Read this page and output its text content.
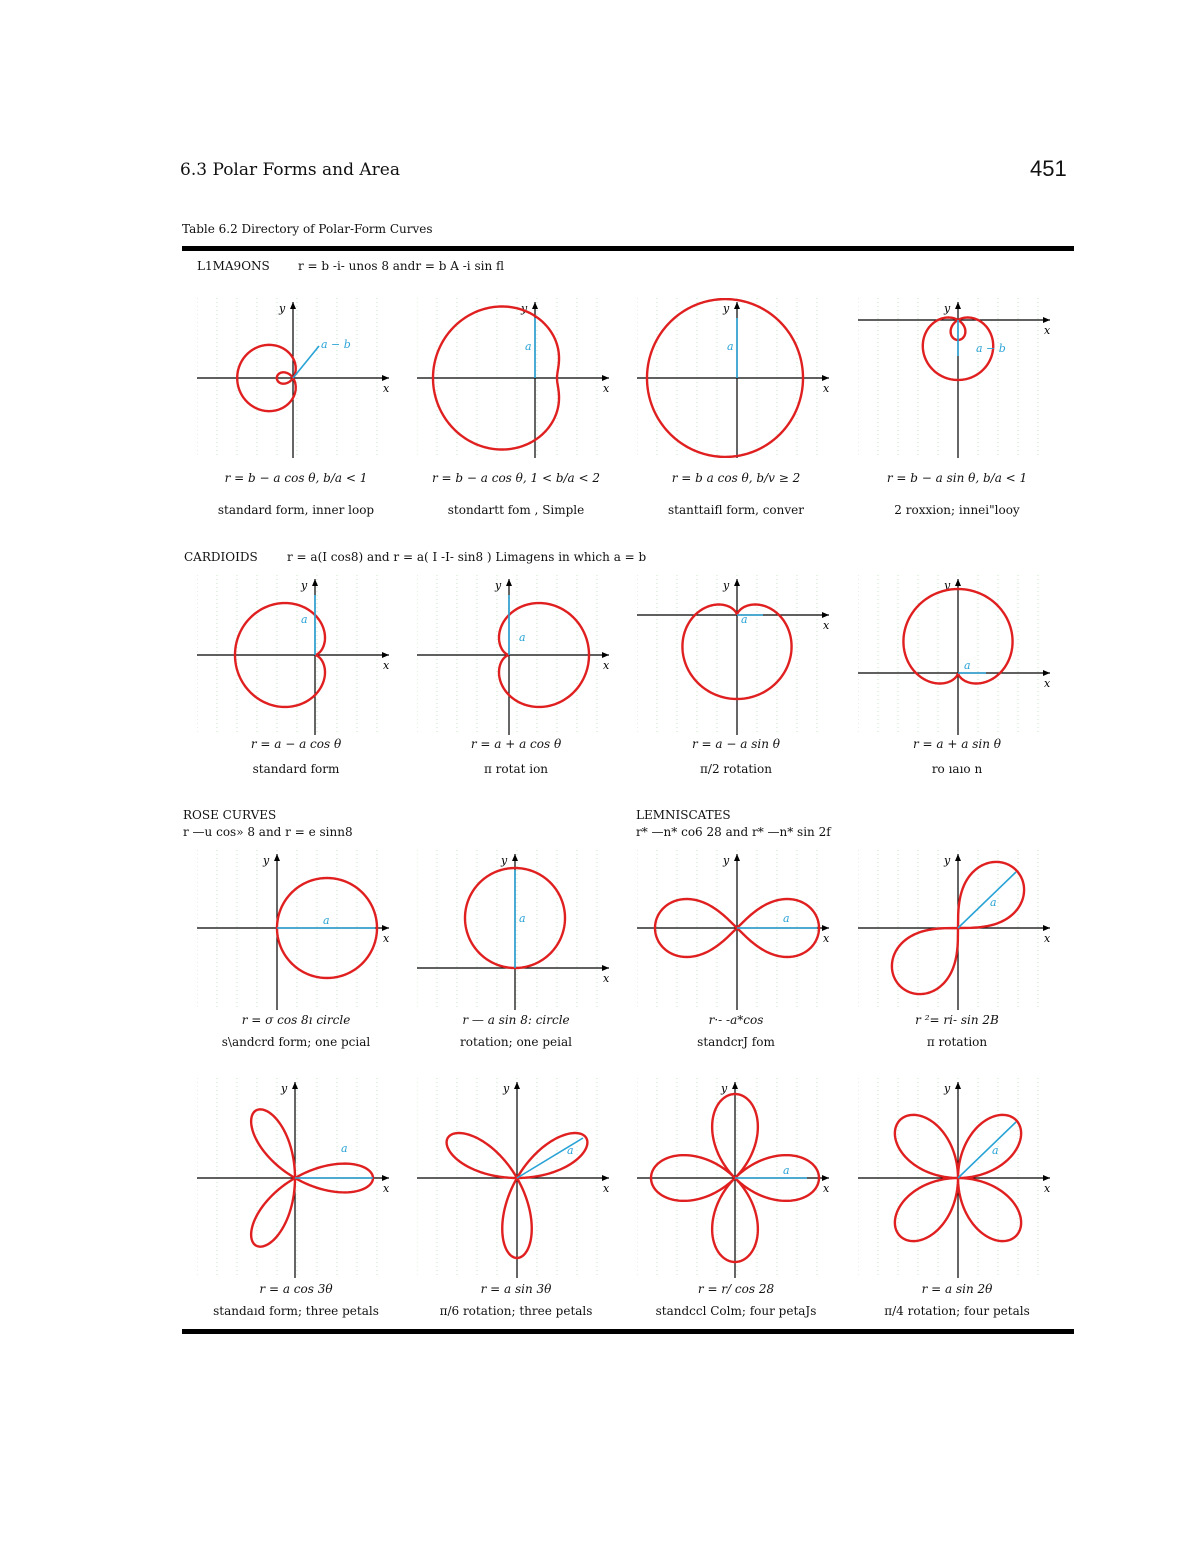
6.3 Polar Forms and Area	451
Table 6.2 Directory of Polar-Form Curves
L1MA9ONS r = b -i- unos 8 andr = b A -i sin fl
CARDIOIDS r = a(I cos8) and r = a( I -I- sin8 ) Limagens in which a = b
ROSE CURVES
r —u cos» 8 and r = e sinn8
LEMNISCATES
r* —n* co6 28 and r* —n* sin 2f
x
y
a − b
r = b − a cos θ, b/a < 1
standard form, inner loop
x
y
a
r = b − a cos θ, 1 < b/a < 2
stondartt fom , Simple
x
y
a
r = b a cos θ, b/v ≥ 2
stanttaifl form, conver
x
y
a − b
r = b − a sin θ, b/a < 1
2 roxxion; innei"looy
x
y
a
r = a − a cos θ
standard form
x
y
a
r = a + a cos θ
π rotat ion
x
y
a
r = a − a sin θ
π/2 rotation
x
y
a
r = a + a sin θ
ro ıaıo n
x
y
a
r = σ cos 8ı circle
s\andcrd form; one pcial
x
y
a
r — a sin 8: circle
rotation; one peial
x
y
a
r·- -a*cos
standcrJ fom
x
y
a
r ²= ri- sin 2B
π rotation
x
y
a
r = a cos 3θ
standaıd form; three petals
x
y
a
r = a sin 3θ
π/6 rotation; three petals
x
y
a
r = r/ cos 28
standccl Colm; four petaJs
x
y
a
r = a sin 2θ
π/4 rotation; four petals
